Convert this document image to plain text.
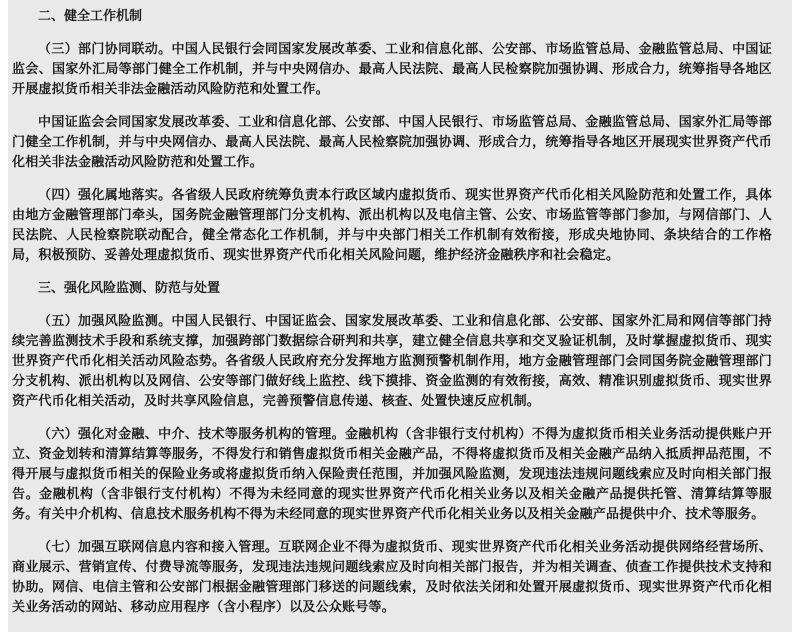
二、健全工作机制
（三）部门协同联动。中国人民银行会同国家发展改革委、工业和信息化部、公安部、市场监管总局、金融监管总局、中国证监会、国家外汇局等部门健全工作机制，并与中央网信办、最高人民法院、最高人民检察院加强协调、形成合力，统筹指导各地区开展虚拟货币相关非法金融活动风险防范和处置工作。
中国证监会会同国家发展改革委、工业和信息化部、公安部、中国人民银行、市场监管总局、金融监管总局、国家外汇局等部门健全工作机制，并与中央网信办、最高人民法院、最高人民检察院加强协调、形成合力，统筹指导各地区开展现实世界资产代币化相关非法金融活动风险防范和处置工作。
（四）强化属地落实。各省级人民政府统筹负责本行政区域内虚拟货币、现实世界资产代币化相关风险防范和处置工作，具体由地方金融管理部门牵头，国务院金融管理部门分支机构、派出机构以及电信主管、公安、市场监管等部门参加，与网信部门、人民法院、人民检察院联动配合，健全常态化工作机制，并与中央部门相关工作机制有效衔接，形成央地协同、条块结合的工作格局，积极预防、妥善处理虚拟货币、现实世界资产代币化相关风险问题，维护经济金融秩序和社会稳定。
三、强化风险监测、防范与处置
（五）加强风险监测。中国人民银行、中国证监会、国家发展改革委、工业和信息化部、公安部、国家外汇局和网信等部门持续完善监测技术手段和系统支撑，加强跨部门数据综合研判和共享，建立健全信息共享和交叉验证机制，及时掌握虚拟货币、现实世界资产代币化相关活动风险态势。各省级人民政府充分发挥地方监测预警机制作用，地方金融管理部门会同国务院金融管理部门分支机构、派出机构以及网信、公安等部门做好线上监控、线下摸排、资金监测的有效衔接，高效、精准识别虚拟货币、现实世界资产代币化相关活动，及时共享风险信息，完善预警信息传递、核查、处置快速反应机制。
（六）强化对金融、中介、技术等服务机构的管理。金融机构（含非银行支付机构）不得为虚拟货币相关业务活动提供账户开立、资金划转和清算结算等服务，不得发行和销售虚拟货币相关金融产品，不得将虚拟货币及相关金融产品纳入抵质押品范围，不得开展与虚拟货币相关的保险业务或将虚拟货币纳入保险责任范围，并加强风险监测，发现违法违规问题线索应及时向相关部门报告。金融机构（含非银行支付机构）不得为未经同意的现实世界资产代币化相关业务以及相关金融产品提供托管、清算结算等服务。有关中介机构、信息技术服务机构不得为未经同意的现实世界资产代币化相关业务以及相关金融产品提供中介、技术等服务。
（七）加强互联网信息内容和接入管理。互联网企业不得为虚拟货币、现实世界资产代币化相关业务活动提供网络经营场所、商业展示、营销宣传、付费导流等服务，发现违法违规问题线索应及时向相关部门报告，并为相关调查、侦查工作提供技术支持和协助。网信、电信主管和公安部门根据金融管理部门移送的问题线索，及时依法关闭和处置开展虚拟货币、现实世界资产代币化相关业务活动的网站、移动应用程序（含小程序）以及公众账号等。
